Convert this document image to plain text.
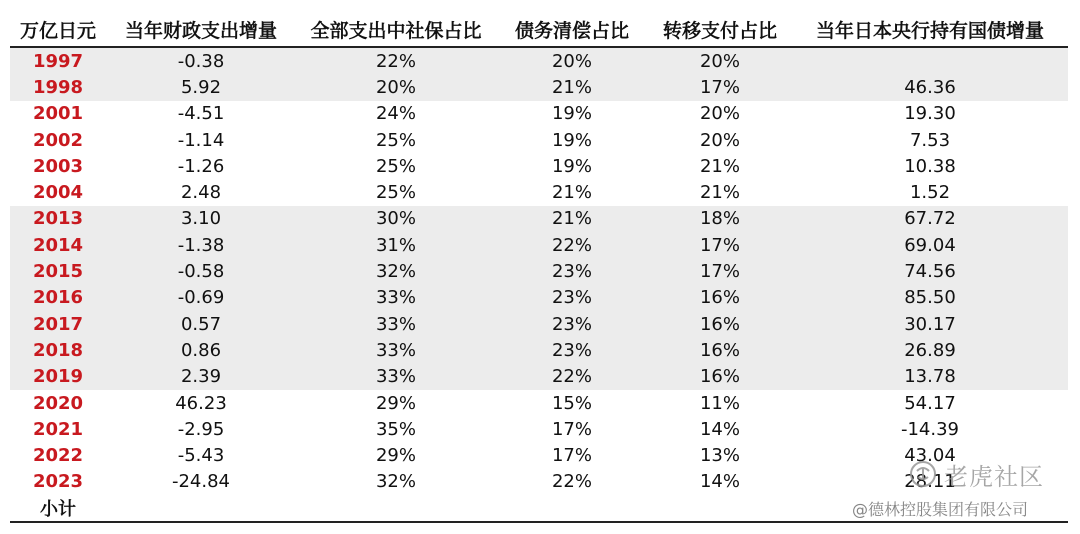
万亿日元	当年财政支出增量	全部支出中社保占比	债务清偿占比	转移支付占比	当年日本央行持有国债增量
1997	-0.38	22%	20%	20%	
1998	5.92	20%	21%	17%	46.36
2001	-4.51	24%	19%	20%	19.30
2002	-1.14	25%	19%	20%	7.53
2003	-1.26	25%	19%	21%	10.38
2004	2.48	25%	21%	21%	1.52
2013	3.10	30%	21%	18%	67.72
2014	-1.38	31%	22%	17%	69.04
2015	-0.58	32%	23%	17%	74.56
2016	-0.69	33%	23%	16%	85.50
2017	0.57	33%	23%	16%	30.17
2018	0.86	33%	23%	16%	26.89
2019	2.39	33%	22%	16%	13.78
2020	46.23	29%	15%	11%	54.17
2021	-2.95	35%	17%	14%	-14.39
2022	-5.43	29%	17%	13%	43.04
2023	-24.84	32%	22%	14%	28.11
小计					
老虎社区
@德林控股集团有限公司
